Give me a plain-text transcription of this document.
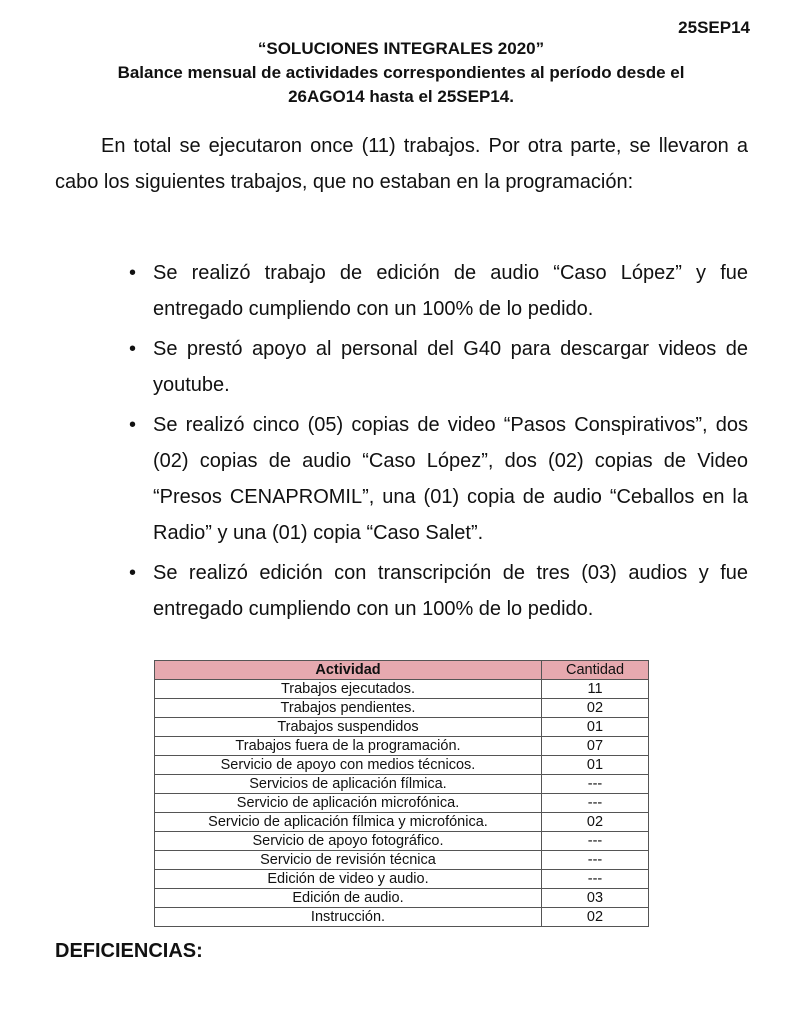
25SEP14
“SOLUCIONES INTEGRALES 2020”
Balance mensual de actividades correspondientes al período desde el
26AGO14 hasta el 25SEP14.

En total se ejecutaron once (11) trabajos. Por otra parte, se llevaron a cabo los siguientes trabajos, que no estaban en la programación:

• Se realizó trabajo de edición de audio “Caso López” y fue entregado cumpliendo con un 100% de lo pedido.
• Se prestó apoyo al personal del G40 para descargar videos de youtube.
• Se realizó cinco (05) copias de video “Pasos Conspirativos”, dos (02) copias de audio “Caso López”, dos (02) copias de Video “Presos CENAPROMIL”, una (01) copia de audio “Ceballos en la Radio” y una (01) copia “Caso Salet”.
• Se realizó edición con transcripción de tres (03) audios y fue entregado cumpliendo con un 100% de lo pedido.
Actividad	Cantidad
Trabajos ejecutados.	11
Trabajos pendientes.	02
Trabajos suspendidos	01
Trabajos fuera de la programación.	07
Servicio de apoyo con medios técnicos.	01
Servicios de aplicación fílmica.	---
Servicio de aplicación microfónica.	---
Servicio de aplicación fílmica y microfónica.	02
Servicio de apoyo fotográfico.	---
Servicio de revisión técnica	---
Edición de video y audio.	---
Edición de audio.	03
Instrucción.	02
DEFICIENCIAS:
